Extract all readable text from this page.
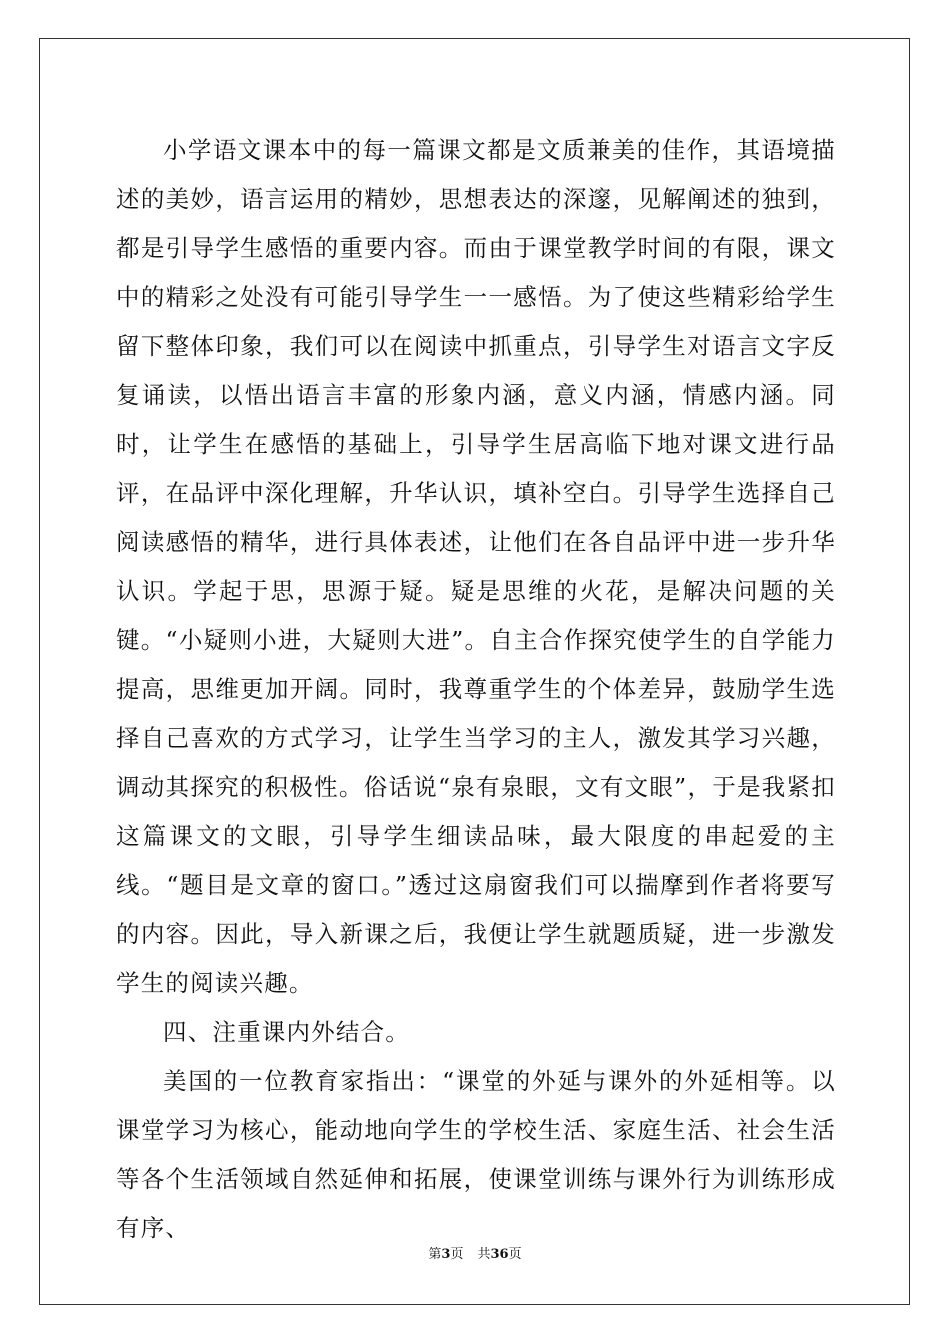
小学语文课本中的每一篇课文都是文质兼美的佳作，其语境描述的美妙，语言运用的精妙，思想表达的深邃，见解阐述的独到，都是引导学生感悟的重要内容。而由于课堂教学时间的有限，课文中的精彩之处没有可能引导学生一一感悟。为了使这些精彩给学生留下整体印象，我们可以在阅读中抓重点，引导学生对语言文字反复诵读，以悟出语言丰富的形象内涵，意义内涵，情感内涵。同时，让学生在感悟的基础上，引导学生居高临下地对课文进行品评，在品评中深化理解，升华认识，填补空白。引导学生选择自己阅读感悟的精华，进行具体表述，让他们在各自品评中进一步升华认识。学起于思，思源于疑。疑是思维的火花，是解决问题的关键。“小疑则小进，大疑则大进”。自主合作探究使学生的自学能力提高，思维更加开阔。同时，我尊重学生的个体差异，鼓励学生选择自己喜欢的方式学习，让学生当学习的主人，激发其学习兴趣，调动其探究的积极性。俗话说“泉有泉眼，文有文眼”，于是我紧扣这篇课文的文眼，引导学生细读品味，最大限度的串起爱的主线。“题目是文章的窗口。”透过这扇窗我们可以揣摩到作者将要写的内容。因此，导入新课之后，我便让学生就题质疑，进一步激发学生的阅读兴趣。

四、注重课内外结合。

美国的一位教育家指出：“课堂的外延与课外的外延相等。以课堂学习为核心，能动地向学生的学校生活、家庭生活、社会生活等各个生活领域自然延伸和拓展，使课堂训练与课外行为训练形成有序、

第3页 共36页
